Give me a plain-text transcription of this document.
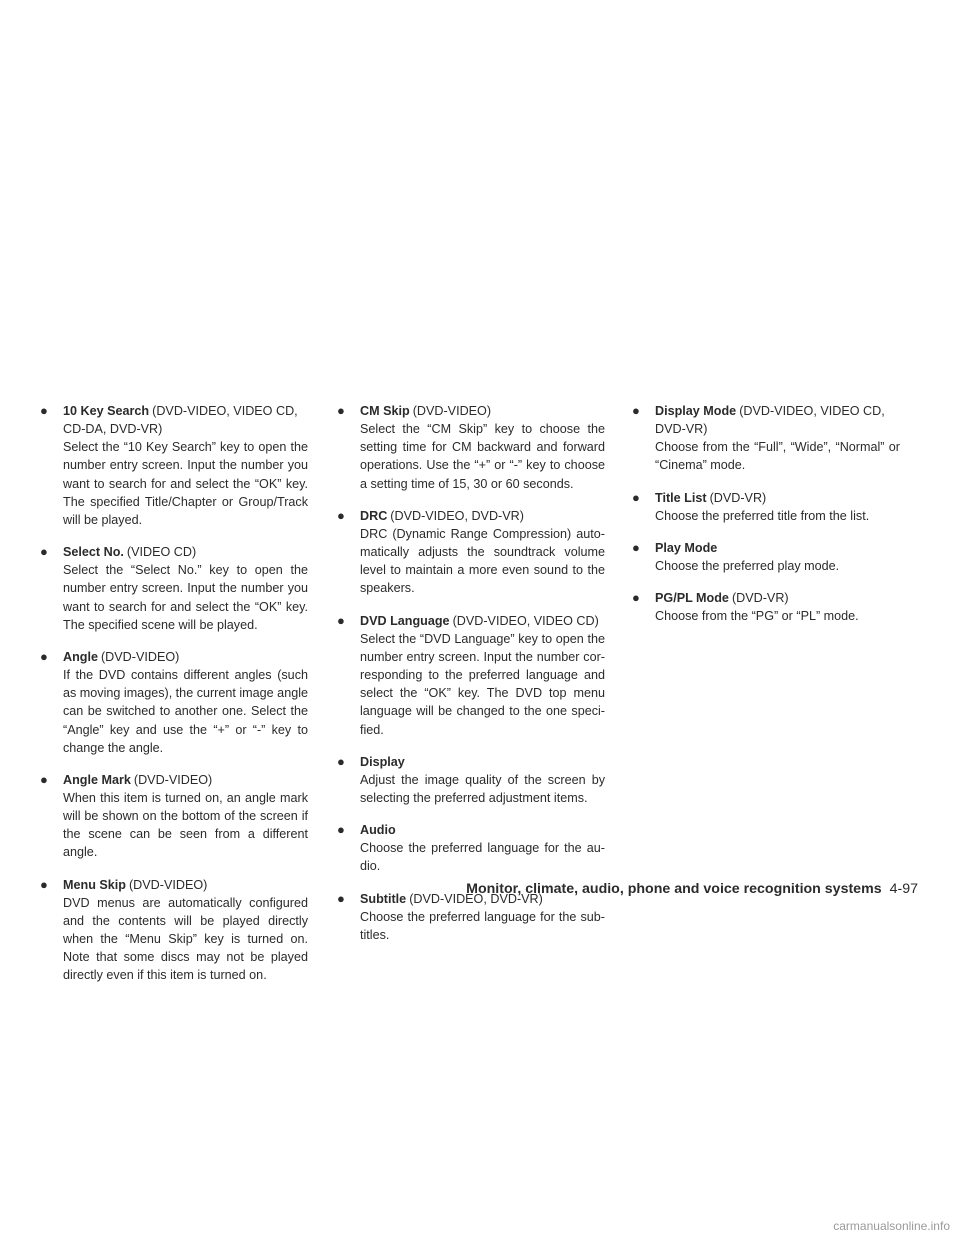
● 10 Key Search (DVD-VIDEO, VIDEO CD, CD-DA, DVD-VR)
Select the “10 Key Search” key to open the number entry screen. Input the number you want to search for and select the “OK” key. The specified Title/Chapter or Group/Track will be played.
● Select No. (VIDEO CD)
Select the “Select No.” key to open the number entry screen. Input the number you want to search for and select the “OK” key. The specified scene will be played.
● Angle (DVD-VIDEO)
If the DVD contains different angles (such as moving images), the current image angle can be switched to another one. Select the “Angle” key and use the “+” or “-” key to change the angle.
● Angle Mark (DVD-VIDEO)
When this item is turned on, an angle mark will be shown on the bottom of the screen if the scene can be seen from a different angle.
● Menu Skip (DVD-VIDEO)
DVD menus are automatically configured and the contents will be played directly when the “Menu Skip” key is turned on. Note that some discs may not be played directly even if this item is turned on.
● CM Skip (DVD-VIDEO)
Select the “CM Skip” key to choose the setting time for CM backward and forward operations. Use the “+” or “-” key to choose a setting time of 15, 30 or 60 seconds.
● DRC (DVD-VIDEO, DVD-VR)
DRC (Dynamic Range Compression) auto-matically adjusts the soundtrack volume level to maintain a more even sound to the speakers.
● DVD Language (DVD-VIDEO, VIDEO CD)
Select the “DVD Language” key to open the number entry screen. Input the number cor-responding to the preferred language and select the “OK” key. The DVD top menu language will be changed to the one speci-fied.
● Display
Adjust the image quality of the screen by selecting the preferred adjustment items.
● Audio
Choose the preferred language for the au-dio.
● Subtitle (DVD-VIDEO, DVD-VR)
Choose the preferred language for the sub-titles.
● Display Mode (DVD-VIDEO, VIDEO CD, DVD-VR)
Choose from the “Full”, “Wide”, “Normal” or “Cinema” mode.
● Title List (DVD-VR)
Choose the preferred title from the list.
● Play Mode
Choose the preferred play mode.
● PG/PL Mode (DVD-VR)
Choose from the “PG” or “PL” mode.
Monitor, climate, audio, phone and voice recognition systems 4-97
carmanualsonline.info
